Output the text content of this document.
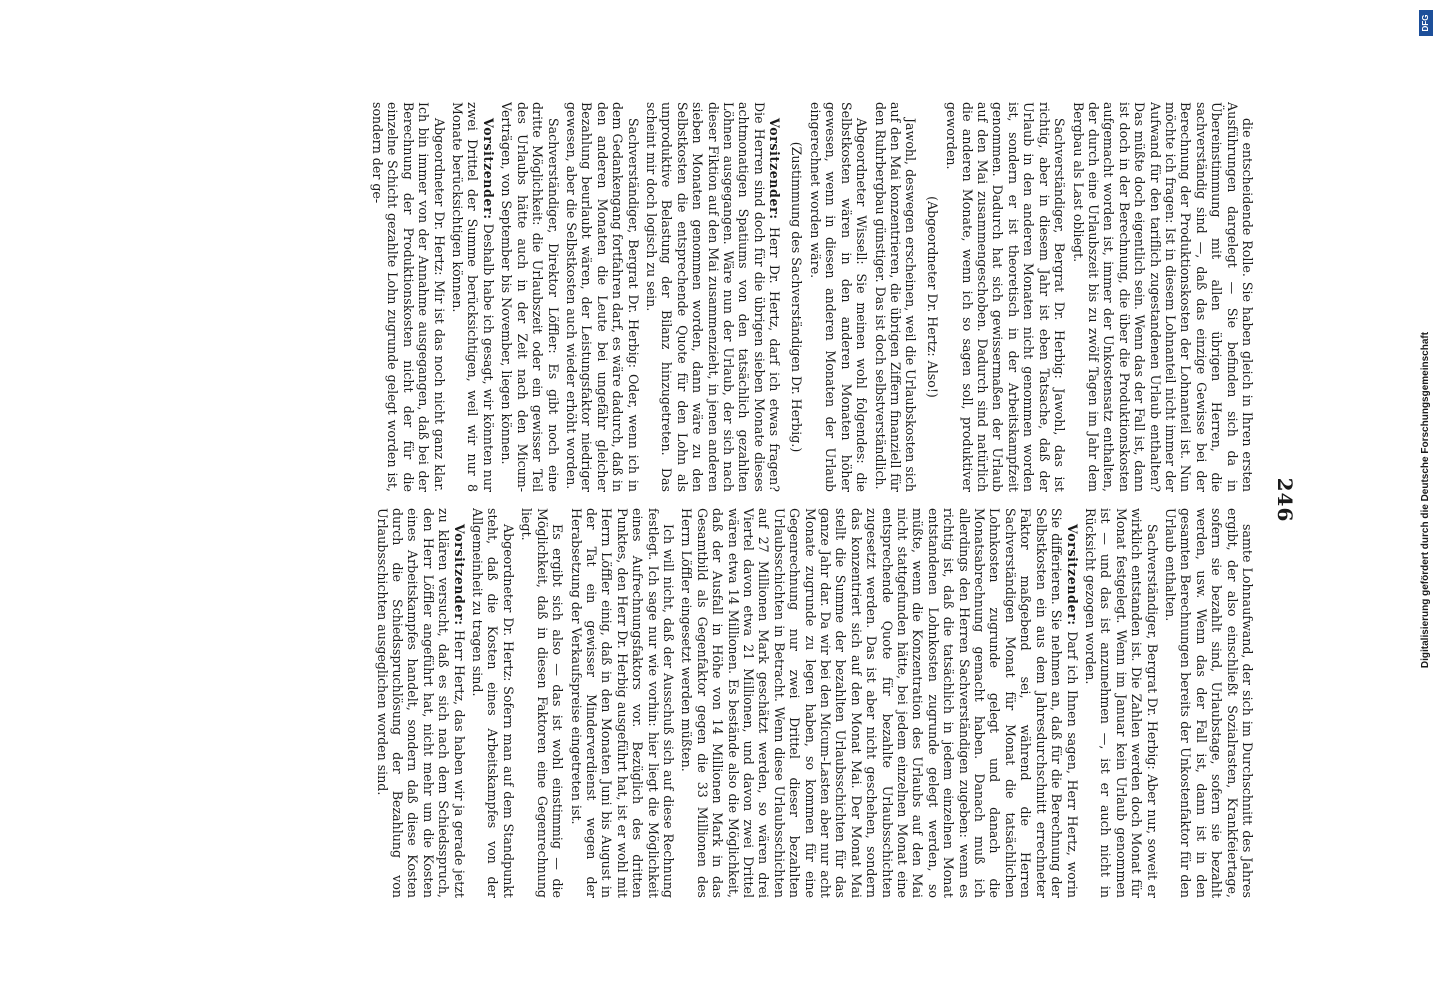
246
die entscheidende Rolle. Sie haben gleich in Ihren ersten Ausführungen dargelegt — Sie befinden sich da in Übereinstimmung mit allen übrigen Herren, die sachverständig sind —, daß das einzige Gewisse bei der Berechnung der Produktionskosten der Lohnanteil ist. Nun möchte ich fragen: Ist in diesem Lohnanteil nicht immer der Aufwand für den tariflich zugestandenen Urlaub enthalten? Das müßte doch eigentlich sein. Wenn das der Fall ist, dann ist doch in der Berechnung, die über die Produktionskosten aufgemacht worden ist, immer der Unkostensatz enthalten, der durch eine Urlaubszeit bis zu zwölf Tagen im Jahr dem Bergbau als Last obliegt.
Sachverständiger, Bergrat Dr. Herbig: Jawohl, das ist richtig, aber in diesem Jahr ist eben Tatsache, daß der Urlaub in den anderen Monaten nicht genommen worden ist, sondern er ist theoretisch in der Arbeitskampfzeit genommen. Dadurch hat sich gewissermaßen der Urlaub auf den Mai zusammengeschoben. Dadurch sind natürlich die anderen Monate, wenn ich so sagen soll, produktiver geworden.
(Abgeordneter Dr. Hertz: Also!)
Jawohl, deswegen erscheinen, weil die Urlaubskosten sich auf den Mai konzentrieren, die übrigen Ziffern finanziell für den Ruhrbergbau günstiger. Das ist doch selbstverständlich.
Abgeordneter Wissell: Sie meinen wohl folgendes: die Selbstkosten wären in den anderen Monaten höher gewesen, wenn in diesen anderen Monaten der Urlaub eingerechnet worden wäre.
(Zustimmung des Sachverständigen Dr. Herbig.)
Vorsitzender: Herr Dr. Hertz, darf ich etwas fragen? Die Herren sind doch für die übrigen sieben Monate dieses achtmonatigen Spatiums von den tatsächlich gezahlten Löhnen ausgegangen. Wäre nun der Urlaub, der sich nach dieser Fiktion auf den Mai zusammenzieht, in jenen anderen sieben Monaten genommen worden, dann wäre zu den Selbstkosten die entsprechende Quote für den Lohn als unproduktive Belastung der Bilanz hinzugetreten. Das scheint mir doch logisch zu sein.
Sachverständiger, Bergrat Dr. Herbig: Oder, wenn ich in dem Gedankengang fortfahren darf, es wäre dadurch, daß in den anderen Monaten die Leute bei ungefähr gleicher Bezahlung beurlaubt wären, der Leistungsfaktor niedriger gewesen, aber die Selbstkosten auch wieder erhöht worden.
Sachverständiger, Direktor Löffler: Es gibt noch eine dritte Möglichkeit: die Urlaubszeit oder ein gewisser Teil des Urlaubs hätte auch in der Zeit nach den Micum-Verträgen, von September bis November, liegen können.
Vorsitzender: Deshalb habe ich gesagt, wir könnten nur zwei Drittel der Summe berücksichtigen, weil wir nur 8 Monate berücksichtigen können.
Abgeordneter Dr. Hertz: Mir ist das noch nicht ganz klar. Ich bin immer von der Annahme ausgegangen, daß bei der Berechnung der Produktionskosten nicht der für die einzelne Schicht gezahlte Lohn zugrunde gelegt worden ist, sondern der ge-
samte Lohnaufwand, der sich im Durchschnitt des Jahres ergibt, der also einschließt Sozialrasten, Krankfeiertage, sofern sie bezahlt sind, Urlaubstage, sofern sie bezahlt werden, usw. Wenn das der Fall ist, dann ist in den gesamten Berechnungen bereits der Unkostenfaktor für den Urlaub enthalten.
Sachverständiger, Bergrat Dr. Herbig: Aber nur, soweit er wirklich entstanden ist. Die Zahlen werden doch Monat für Monat festgelegt. Wenn im Januar kein Urlaub genommen ist — und das ist anzunehmen —, ist er auch nicht in Rücksicht gezogen worden.
Vorsitzender: Darf ich Ihnen sagen, Herr Hertz, worin Sie differieren. Sie nehmen an, daß für die Berechnung der Selbstkosten ein aus dem Jahresdurchschnitt errechneter Faktor maßgebend sei, während die Herren Sachverständigen Monat für Monat die tatsächlichen Lohnkosten zugrunde gelegt und danach die Monatsabrechnung gemacht haben. Danach muß ich allerdings den Herren Sachverständigen zugeben: wenn es richtig ist, daß die tatsächlich in jedem einzelnen Monat entstandenen Lohnkosten zugrunde gelegt werden, so müßte, wenn die Konzentration des Urlaubs auf den Mai nicht stattgefunden hätte, bei jedem einzelnen Monat eine entsprechende Quote für bezahlte Urlaubsschichten zugesetzt werden. Das ist aber nicht geschehen, sondern das konzentriert sich auf den Monat Mai. Der Monat Mai stellt die Summe der bezahlten Urlaubsschichten für das ganze Jahr dar. Da wir bei den Micum-Lasten aber nur acht Monate zugrunde zu legen haben, so kommen für eine Gegenrechnung nur zwei Drittel dieser bezahlten Urlaubsschichten in Betracht. Wenn diese Urlaubsschichten auf 27 Millionen Mark geschätzt werden, so wären drei Viertel davon etwa 21 Millionen, und davon zwei Drittel wären etwa 14 Millionen. Es bestände also die Möglichkeit, daß der Ausfall in Höhe von 14 Millionen Mark in das Gesamtbild als Gegenfaktor gegen die 33 Millionen des Herrn Löffler eingesetzt werden müßten.
Ich will nicht, daß der Ausschuß sich auf diese Rechnung festlegt. Ich sage nur wie vorhin: hier liegt die Möglichkeit eines Aufrechnungsfaktors vor. Bezüglich des dritten Punktes, den Herr Dr. Herbig ausgeführt hat, ist er wohl mit Herrn Löffler einig, daß in den Monaten Juni bis August in der Tat ein gewisser Minderverdienst wegen der Herabsetzung der Verkaufspreise eingetreten ist.
Es ergibt sich also — das ist wohl einstimmig — die Möglichkeit, daß in diesen Faktoren eine Gegenrechnung liegt.
Abgeordneter Dr. Hertz: Sofern man auf dem Standpunkt steht, daß die Kosten eines Arbeitskampfes von der Allgemeinheit zu tragen sind.
Vorsitzender: Herr Hertz, das haben wir ja gerade jetzt zu klären versucht, daß es sich nach dem Schiedsspruch, den Herr Löffler angeführt hat, nicht mehr um die Kosten eines Arbeitskampfes handelt, sondern daß diese Kosten durch die Schiedsspruchlösung der Bezahlung von Urlaubsschichten ausgeglichen worden sind.
DFG
Digitalisierung gefördert durch die Deutsche Forschungsgemeinschaft
